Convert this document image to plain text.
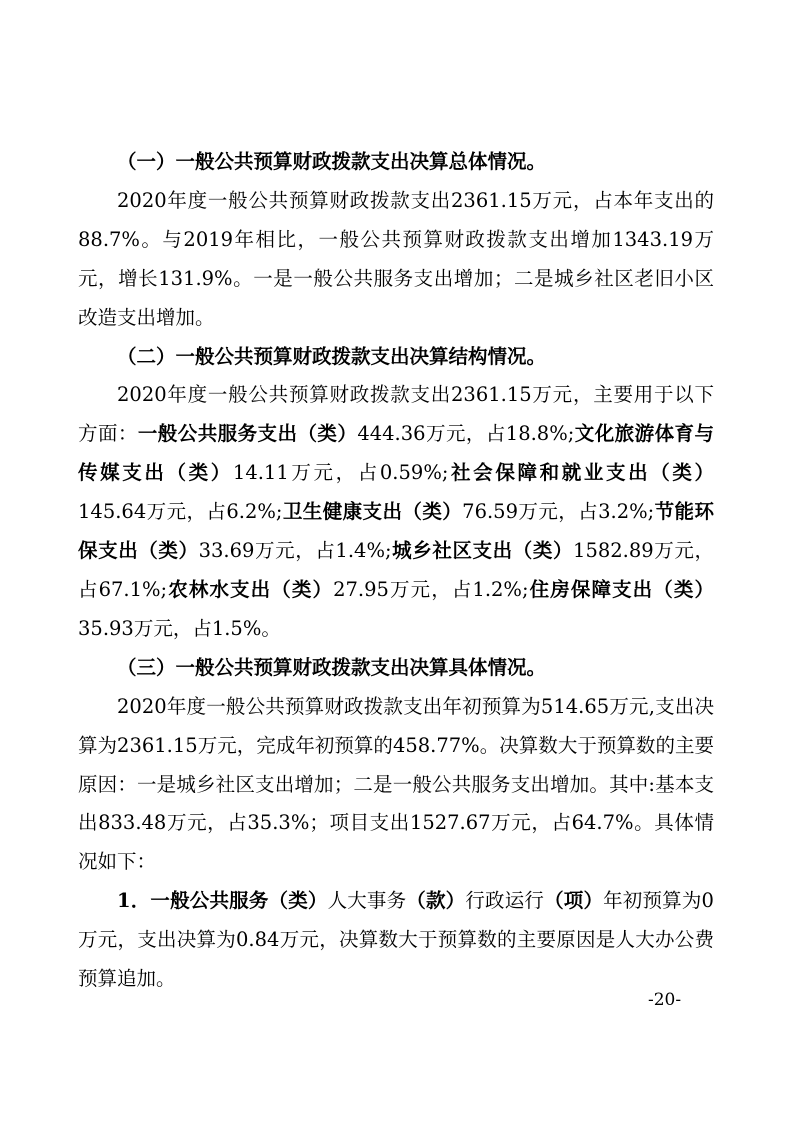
（一）一般公共预算财政拨款支出决算总体情况。

2020年度一般公共预算财政拨款支出2361.15万元，占本年支出的88.7%。与2019年相比，一般公共预算财政拨款支出增加1343.19万元，增长131.9%。一是一般公共服务支出增加；二是城乡社区老旧小区改造支出增加。

（二）一般公共预算财政拨款支出决算结构情况。

2020年度一般公共预算财政拨款支出2361.15万元，主要用于以下方面：一般公共服务支出（类）444.36万元，占18.8%;文化旅游体育与传媒支出（类）14.11万元，占0.59%;社会保障和就业支出（类）145.64万元，占6.2%;卫生健康支出（类）76.59万元，占3.2%;节能环保支出（类）33.69万元，占1.4%;城乡社区支出（类）1582.89万元，占67.1%;农林水支出（类）27.95万元，占1.2%;住房保障支出（类）35.93万元，占1.5%。

（三）一般公共预算财政拨款支出决算具体情况。

2020年度一般公共预算财政拨款支出年初预算为514.65万元,支出决算为2361.15万元，完成年初预算的458.77%。决算数大于预算数的主要原因：一是城乡社区支出增加；二是一般公共服务支出增加。其中:基本支出833.48万元，占35.3%；项目支出1527.67万元，占64.7%。具体情况如下：

1．一般公共服务（类）人大事务（款）行政运行（项）年初预算为0万元，支出决算为0.84万元，决算数大于预算数的主要原因是人大办公费预算追加。

-20-
